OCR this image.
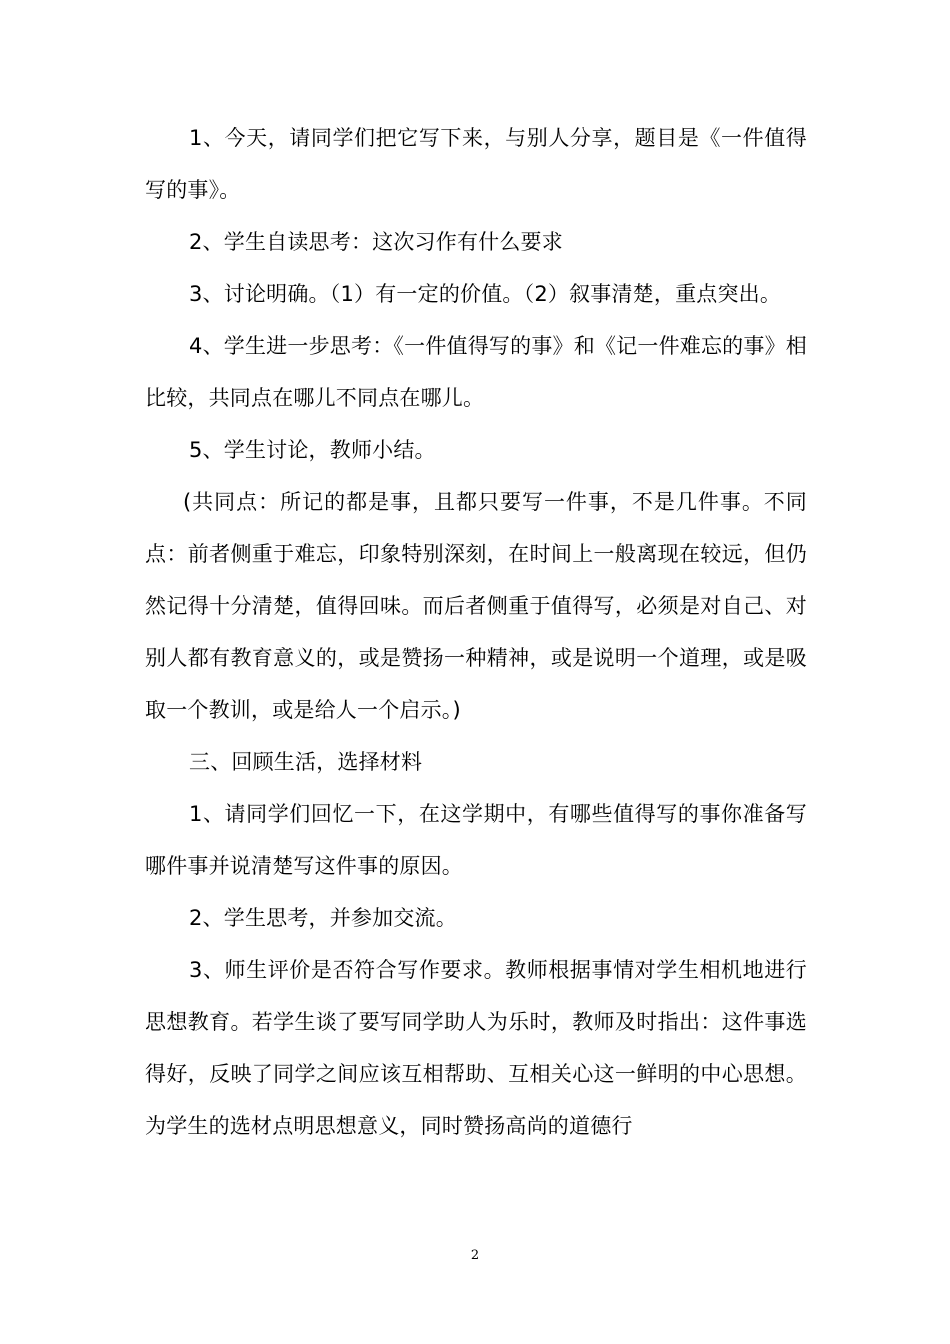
1、今天，请同学们把它写下来，与别人分享，题目是《一件值得写的事》。

2、学生自读思考：这次习作有什么要求

3、讨论明确。（1）有一定的价值。（2）叙事清楚，重点突出。

4、学生进一步思考：《一件值得写的事》和《记一件难忘的事》相比较，共同点在哪儿不同点在哪儿。

5、学生讨论，教师小结。

(共同点：所记的都是事，且都只要写一件事，不是几件事。不同点：前者侧重于难忘，印象特别深刻，在时间上一般离现在较远，但仍然记得十分清楚，值得回味。而后者侧重于值得写，必须是对自己、对别人都有教育意义的，或是赞扬一种精神，或是说明一个道理，或是吸取一个教训，或是给人一个启示。)

三、回顾生活，选择材料

1、请同学们回忆一下，在这学期中，有哪些值得写的事你准备写哪件事并说清楚写这件事的原因。

2、学生思考，并参加交流。

3、师生评价是否符合写作要求。教师根据事情对学生相机地进行思想教育。若学生谈了要写同学助人为乐时，教师及时指出：这件事选得好，反映了同学之间应该互相帮助、互相关心这一鲜明的中心思想。为学生的选材点明思想意义，同时赞扬高尚的道德行

2
